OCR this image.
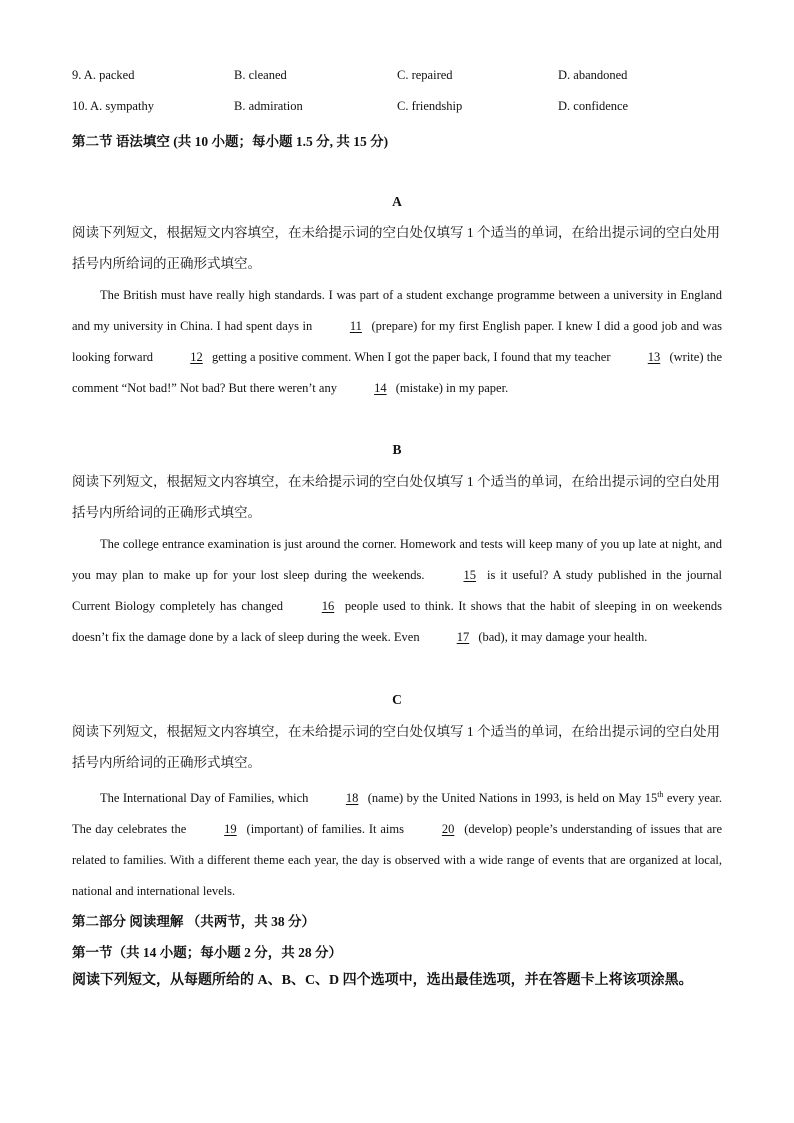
9. A. packed	B. cleaned	C. repaired	D. abandoned
10. A. sympathy	B. admiration	C. friendship	D. confidence
第二节 语法填空 (共 10 小题；每小题 1.5 分, 共 15 分)
A
阅读下列短文，根据短文内容填空，在未给提示词的空白处仅填写 1 个适当的单词，在给出提示词的空白处用括号内所给词的正确形式填空。
The British must have really high standards. I was part of a student exchange programme between a university in England and my university in China. I had spent days in	11 (prepare) for my first English paper. I knew I did a good job and was looking forward	12 getting a positive comment. When I got the paper back, I found that my teacher	13 (write) the comment “Not bad!” Not bad? But there weren’t any	14 (mistake) in my paper.
B
阅读下列短文，根据短文内容填空，在未给提示词的空白处仅填写 1 个适当的单词，在给出提示词的空白处用括号内所给词的正确形式填空。
The college entrance examination is just around the corner. Homework and tests will keep many of you up late at night, and you may plan to make up for your lost sleep during the weekends.	15 is it useful? A study published in the journal Current Biology completely has changed	16 people used to think. It shows that the habit of sleeping in on weekends doesn’t fix the damage done by a lack of sleep during the week. Even	17 (bad), it may damage your health.
C
阅读下列短文，根据短文内容填空，在未给提示词的空白处仅填写 1 个适当的单词，在给出提示词的空白处用括号内所给词的正确形式填空。
The International Day of Families, which	18 (name) by the United Nations in 1993, is held on May 15th every year. The day celebrates the	19 (important) of families. It aims	20 (develop) people’s understanding of issues that are related to families. With a different theme each year, the day is observed with a wide range of events that are organized at local, national and international levels.
第二部分 阅读理解 （共两节，共 38 分）
第一节（共 14 小题；每小题 2 分，共 28 分）
阅读下列短文，从每题所给的 A、B、C、D 四个选项中，选出最佳选项，并在答题卡上将该项涂黑。
